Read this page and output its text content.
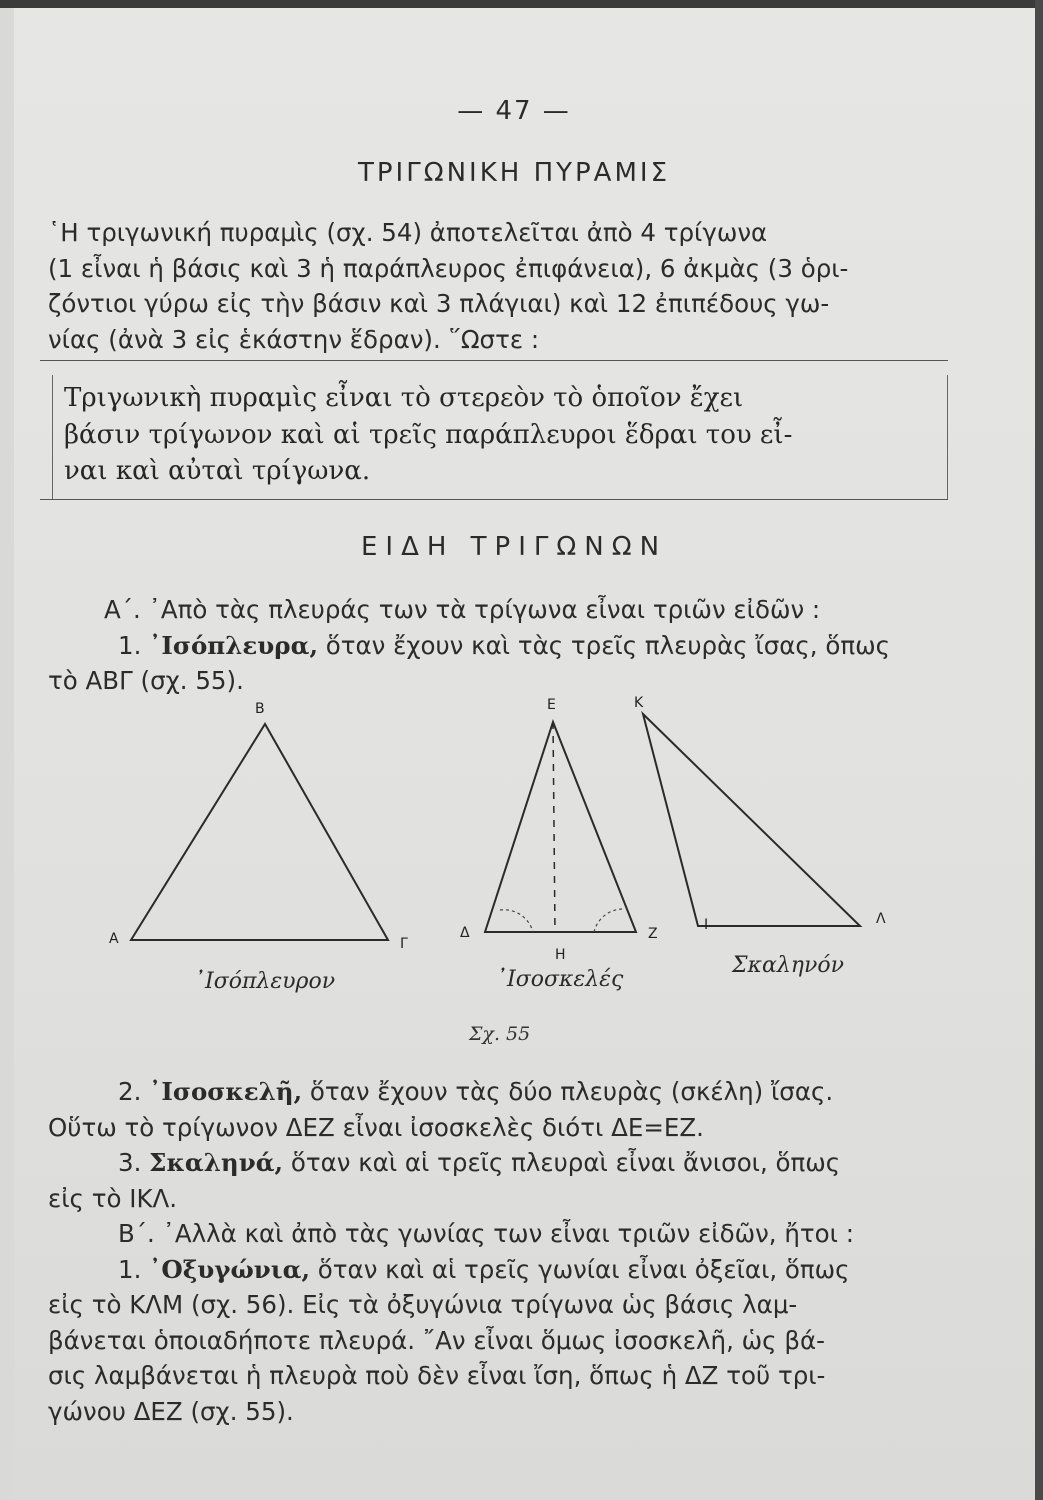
— 47 —
ΤΡΙΓΩΝΙΚΗ ΠΥΡΑΜΙΣ
῾Η τριγωνική πυραμὶς (σχ. 54) ἀποτελεῖται ἀπὸ 4 τρίγωνα
(1 εἶναι ἡ βάσις καὶ 3 ἡ παράπλευρος ἐπιφάνεια), 6 ἀκμὰς (3 ὁρι-
ζόντιοι γύρω εἰς τὴν βάσιν καὶ 3 πλάγιαι) καὶ 12 ἐπιπέδους γω-
νίας (ἀνὰ 3 εἰς ἑκάστην ἕδραν). ῞Ωστε :
Τριγωνικὴ πυραμὶς εἶναι τὸ στερεὸν τὸ ὁποῖον ἔχει
βάσιν τρίγωνον καὶ αἱ τρεῖς παράπλευροι ἕδραι του εἶ-
ναι καὶ αὐταὶ τρίγωνα.
ΕΙΔΗ ΤΡΙΓΩΝΩΝ
Α΄. ᾿Απὸ τὰς πλευράς των τὰ τρίγωνα εἶναι τριῶν εἰδῶν :
1. ᾿Ισόπλευρα, ὅταν ἔχουν καὶ τὰς τρεῖς πλευρὰς ἴσας, ὅπως
τὸ ΑΒΓ (σχ. 55).
Β
Α	Γ
᾿Ισόπλευρον
Ε
Δ	Ζ
Η
᾿Ισοσκελές
Κ
Ι	Λ
Σκαληνόν
Σχ. 55
2. ᾿Ισοσκελῆ, ὅταν ἔχουν τὰς δύο πλευρὰς (σκέλη) ἴσας.
Οὕτω τὸ τρίγωνον ΔΕΖ εἶναι ἰσοσκελὲς διότι ΔΕ=ΕΖ.
3. Σκαληνά, ὅταν καὶ αἱ τρεῖς πλευραὶ εἶναι ἄνισοι, ὅπως
εἰς τὸ ΙΚΛ.
Β΄. ᾿Αλλὰ καὶ ἀπὸ τὰς γωνίας των εἶναι τριῶν εἰδῶν, ἤτοι :
1. ᾿Οξυγώνια, ὅταν καὶ αἱ τρεῖς γωνίαι εἶναι ὀξεῖαι, ὅπως
εἰς τὸ ΚΛΜ (σχ. 56). Εἰς τὰ ὀξυγώνια τρίγωνα ὡς βάσις λαμ-
βάνεται ὁποιαδήποτε πλευρά. ῎Αν εἶναι ὅμως ἰσοσκελῆ, ὡς βά-
σις λαμβάνεται ἡ πλευρὰ ποὺ δὲν εἶναι ἴση, ὅπως ἡ ΔΖ τοῦ τρι-
γώνου ΔΕΖ (σχ. 55).
